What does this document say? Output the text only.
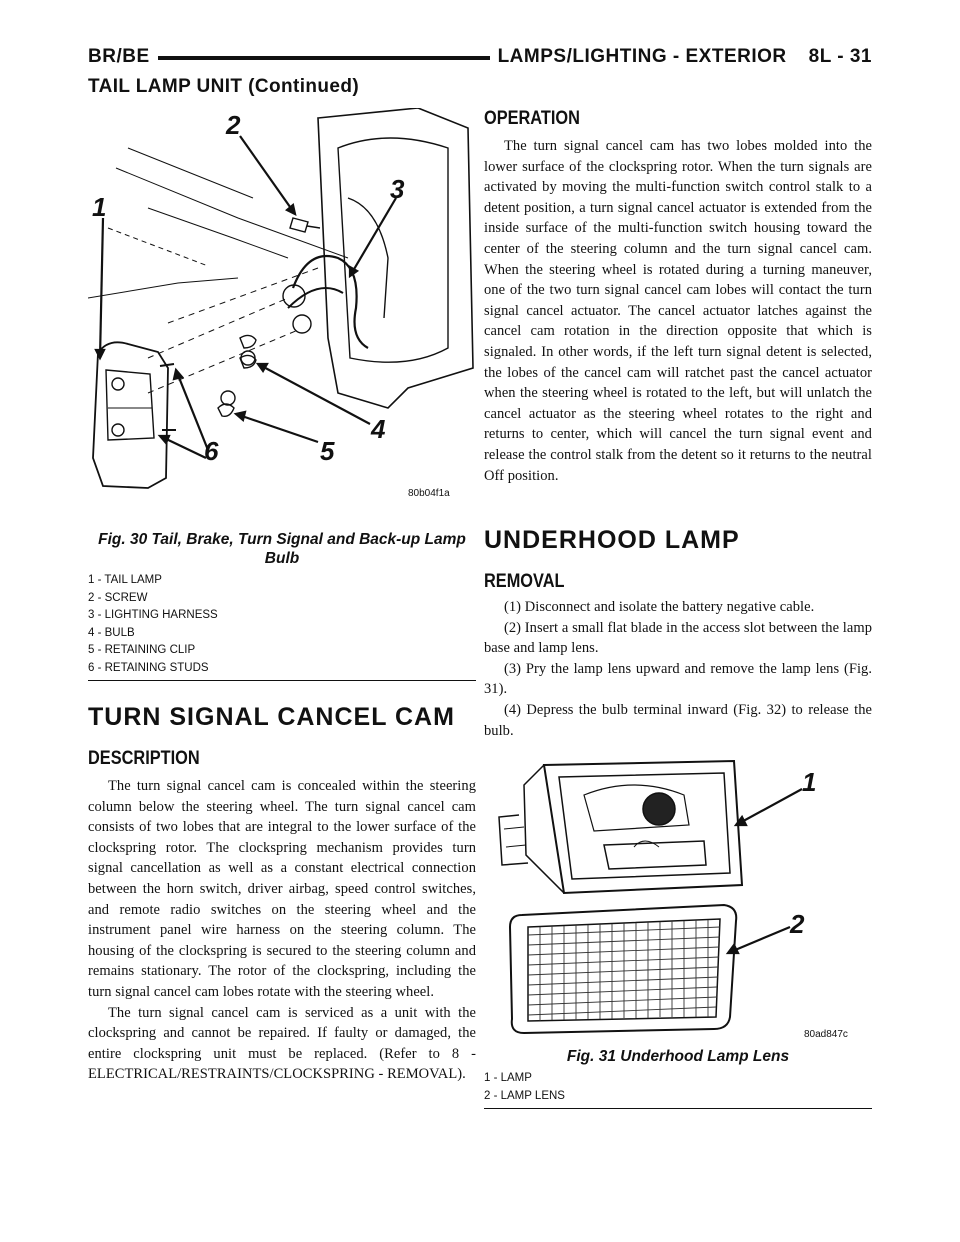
BR/BE	LAMPS/LIGHTING - EXTERIOR 8L - 31
TAIL LAMP UNIT (Continued)
2
3
1
4
5
6
80b04f1a
Fig. 30 Tail, Brake, Turn Signal and Back-up Lamp Bulb
1 - TAIL LAMP
2 - SCREW
3 - LIGHTING HARNESS
4 - BULB
5 - RETAINING CLIP
6 - RETAINING STUDS
TURN SIGNAL CANCEL CAM
DESCRIPTION

The turn signal cancel cam is concealed within the steering column below the steering wheel. The turn signal cancel cam consists of two lobes that are integral to the lower surface of the clockspring rotor. The clockspring mechanism provides turn signal cancellation as well as a constant electrical connection between the horn switch, driver airbag, speed control switches, and remote radio switches on the steering wheel and the instrument panel wire harness on the steering column. The housing of the clockspring is secured to the steering column and remains stationary. The rotor of the clockspring, including the turn signal cancel cam lobes rotate with the steering wheel.

The turn signal cancel cam is serviced as a unit with the clockspring and cannot be repaired. If faulty or damaged, the entire clockspring unit must be replaced. (Refer to 8 - ELECTRICAL/RESTRAINTS/CLOCKSPRING - REMOVAL).

OPERATION

The turn signal cancel cam has two lobes molded into the lower surface of the clockspring rotor. When the turn signals are activated by moving the multi-function switch control stalk to a detent position, a turn signal cancel actuator is extended from the inside surface of the multi-function switch housing toward the center of the steering column and the turn signal cancel cam. When the steering wheel is rotated during a turning maneuver, one of the two turn signal cancel cam lobes will contact the turn signal cancel actuator. The cancel actuator latches against the cancel cam rotation in the direction opposite that which is signaled. In other words, if the left turn signal detent is selected, the lobes of the cancel cam will ratchet past the cancel actuator when the steering wheel is rotated to the left, but will unlatch the cancel actuator as the steering wheel rotates to the right and returns to center, which will cancel the turn signal event and release the control stalk from the detent so it returns to the neutral Off position.

UNDERHOOD LAMP
REMOVAL

(1) Disconnect and isolate the battery negative cable.

(2) Insert a small flat blade in the access slot between the lamp base and lamp lens.

(3) Pry the lamp lens upward and remove the lamp lens (Fig. 31).

(4) Depress the bulb terminal inward (Fig. 32) to release the bulb.

1
2
80ad847c
Fig. 31 Underhood Lamp Lens
1 - LAMP
2 - LAMP LENS
